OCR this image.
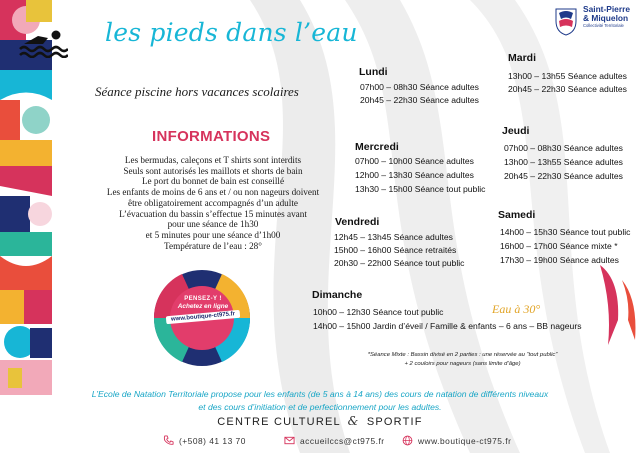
les pieds dans l’eau
Séance piscine hors vacances scolaires
Saint-Pierre
& Miquelon
Collectivité Territoriale
INFORMATIONS
Les bermudas, caleçons et T shirts sont interdits
Seuls sont autorisés les maillots et shorts de bain
Le port du bonnet de bain est conseillé
Les enfants de moins de 6 ans et / ou non nageurs doivent
être obligatoirement accompagnés d’un adulte
L’évacuation du bassin s’effectue 15 minutes avant
pour une séance de 1h30
et 5 minutes pour une séance d’1h00
Température de l’eau : 28°
Lundi
07h00 – 08h30 Séance adultes
20h45 – 22h30 Séance adultes
Mardi
13h00 – 13h55 Séance adultes
20h45 – 22h30 Séance adultes
Mercredi
07h00 – 10h00 Séance adultes
12h00 – 13h30 Séance adultes
13h30 – 15h00 Séance tout public
Jeudi
07h00 – 08h30 Séance adultes
13h00 – 13h55 Séance adultes
20h45 – 22h30 Séance adultes
Vendredi
12h45 – 13h45 Séance adultes
15h00 – 16h00 Séance retraités
20h30 – 22h00 Séance tout public
Samedi
14h00 – 15h30 Séance tout public
16h00 – 17h00 Séance mixte *
17h30 – 19h00 Séance adultes
Dimanche
10h00 – 12h30 Séance tout public
14h00 – 15h00 Jardin d’éveil / Famille & enfants – 6 ans – BB nageurs
Eau à 30°
*Séance Mixte : Bassin divisé en 2 parties : une réservée au “tout public”
+ 2 couloirs pour nageurs (sans limite d’âge)
PENSEZ-Y !
Achetez en ligne
www.boutique-ct975.fr
L’Ecole de Natation Territoriale propose pour les enfants (de 5 ans à 14 ans) des cours de natation de différents niveaux
et des cours d’initiation et de perfectionnement pour les adultes.
CENTRE CULTUREL & SPORTIF
(+508) 41 13 70	accueilccs@ct975.fr	www.boutique-ct975.fr
